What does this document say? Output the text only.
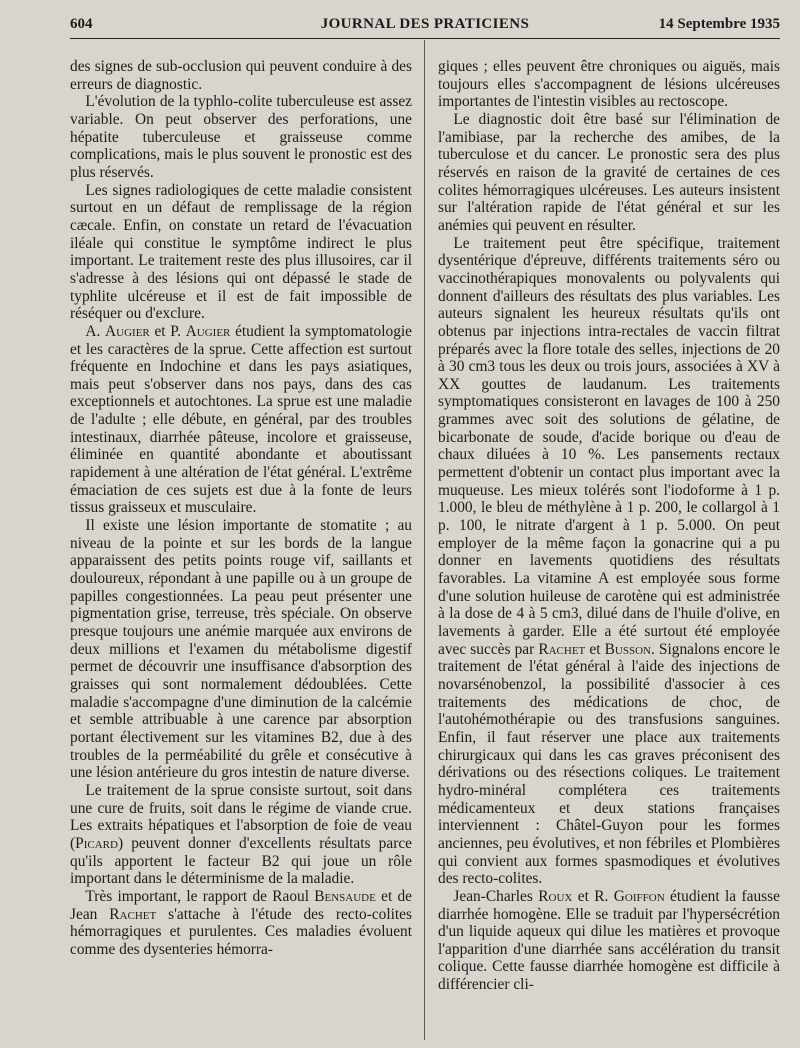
604	JOURNAL DES PRATICIENS	14 Septembre 1935

des signes de sub-occlusion qui peuvent conduire à des erreurs de diagnostic.

L'évolution de la typhlo-colite tuberculeuse est assez variable. On peut observer des perforations, une hépatite tuberculeuse et graisseuse comme complications, mais le plus souvent le pronostic est des plus réservés.

Les signes radiologiques de cette maladie consistent surtout en un défaut de remplissage de la région cæcale. Enfin, on constate un retard de l'évacuation iléale qui constitue le symptôme indirect le plus important. Le traitement reste des plus illusoires, car il s'adresse à des lésions qui ont dépassé le stade de typhlite ulcéreuse et il est de fait impossible de réséquer ou d'exclure.

A. Augier et P. Augier étudient la symptomatologie et les caractères de la sprue. Cette affection est surtout fréquente en Indochine et dans les pays asiatiques, mais peut s'observer dans nos pays, dans des cas exceptionnels et autochtones. La sprue est une maladie de l'adulte ; elle débute, en général, par des troubles intestinaux, diarrhée pâteuse, incolore et graisseuse, éliminée en quantité abondante et aboutissant rapidement à une altération de l'état général. L'extrême émaciation de ces sujets est due à la fonte de leurs tissus graisseux et musculaire.

Il existe une lésion importante de stomatite ; au niveau de la pointe et sur les bords de la langue apparaissent des petits points rouge vif, saillants et douloureux, répondant à une papille ou à un groupe de papilles congestionnées. La peau peut présenter une pigmentation grise, terreuse, très spéciale. On observe presque toujours une anémie marquée aux environs de deux millions et l'examen du métabolisme digestif permet de découvrir une insuffisance d'absorption des graisses qui sont normalement dédoublées. Cette maladie s'accompagne d'une diminution de la calcémie et semble attribuable à une carence par absorption portant électivement sur les vitamines B2, due à des troubles de la perméabilité du grêle et consécutive à une lésion antérieure du gros intestin de nature diverse.

Le traitement de la sprue consiste surtout, soit dans une cure de fruits, soit dans le régime de viande crue. Les extraits hépatiques et l'absorption de foie de veau (Picard) peuvent donner d'excellents résultats parce qu'ils apportent le facteur B2 qui joue un rôle important dans le déterminisme de la maladie.

Très important, le rapport de Raoul Bensaude et de Jean Rachet s'attache à l'étude des recto-colites hémorragiques et purulentes. Ces maladies évoluent comme des dysenteries hémorra-

giques ; elles peuvent être chroniques ou aiguës, mais toujours elles s'accompagnent de lésions ulcéreuses importantes de l'intestin visibles au rectoscope.

Le diagnostic doit être basé sur l'élimination de l'amibiase, par la recherche des amibes, de la tuberculose et du cancer. Le pronostic sera des plus réservés en raison de la gravité de certaines de ces colites hémorragiques ulcéreuses. Les auteurs insistent sur l'altération rapide de l'état général et sur les anémies qui peuvent en résulter.

Le traitement peut être spécifique, traitement dysentérique d'épreuve, différents traitements séro ou vaccinothérapiques monovalents ou polyvalents qui donnent d'ailleurs des résultats des plus variables. Les auteurs signalent les heureux résultats qu'ils ont obtenus par injections intra-rectales de vaccin filtrat préparés avec la flore totale des selles, injections de 20 à 30 cm3 tous les deux ou trois jours, associées à XV à XX gouttes de laudanum. Les traitements symptomatiques consisteront en lavages de 100 à 250 grammes avec soit des solutions de gélatine, de bicarbonate de soude, d'acide borique ou d'eau de chaux diluées à 10 %. Les pansements rectaux permettent d'obtenir un contact plus important avec la muqueuse. Les mieux tolérés sont l'iodoforme à 1 p. 1.000, le bleu de méthylène à 1 p. 200, le collargol à 1 p. 100, le nitrate d'argent à 1 p. 5.000. On peut employer de la même façon la gonacrine qui a pu donner en lavements quotidiens des résultats favorables. La vitamine A est employée sous forme d'une solution huileuse de carotène qui est administrée à la dose de 4 à 5 cm3, dilué dans de l'huile d'olive, en lavements à garder. Elle a été surtout été employée avec succès par Rachet et Busson. Signalons encore le traitement de l'état général à l'aide des injections de novarsénobenzol, la possibilité d'associer à ces traitements des médications de choc, de l'autohémothérapie ou des transfusions sanguines. Enfin, il faut réserver une place aux traitements chirurgicaux qui dans les cas graves préconisent des dérivations ou des résections coliques. Le traitement hydro-minéral complétera ces traitements médicamenteux et deux stations françaises interviennent : Châtel-Guyon pour les formes anciennes, peu évolutives, et non fébriles et Plombières qui convient aux formes spasmodiques et évolutives des recto-colites.

Jean-Charles Roux et R. Goiffon étudient la fausse diarrhée homogène. Elle se traduit par l'hypersécrétion d'un liquide aqueux qui dilue les matières et provoque l'apparition d'une diarrhée sans accélération du transit colique. Cette fausse diarrhée homogène est difficile à différencier cli-
